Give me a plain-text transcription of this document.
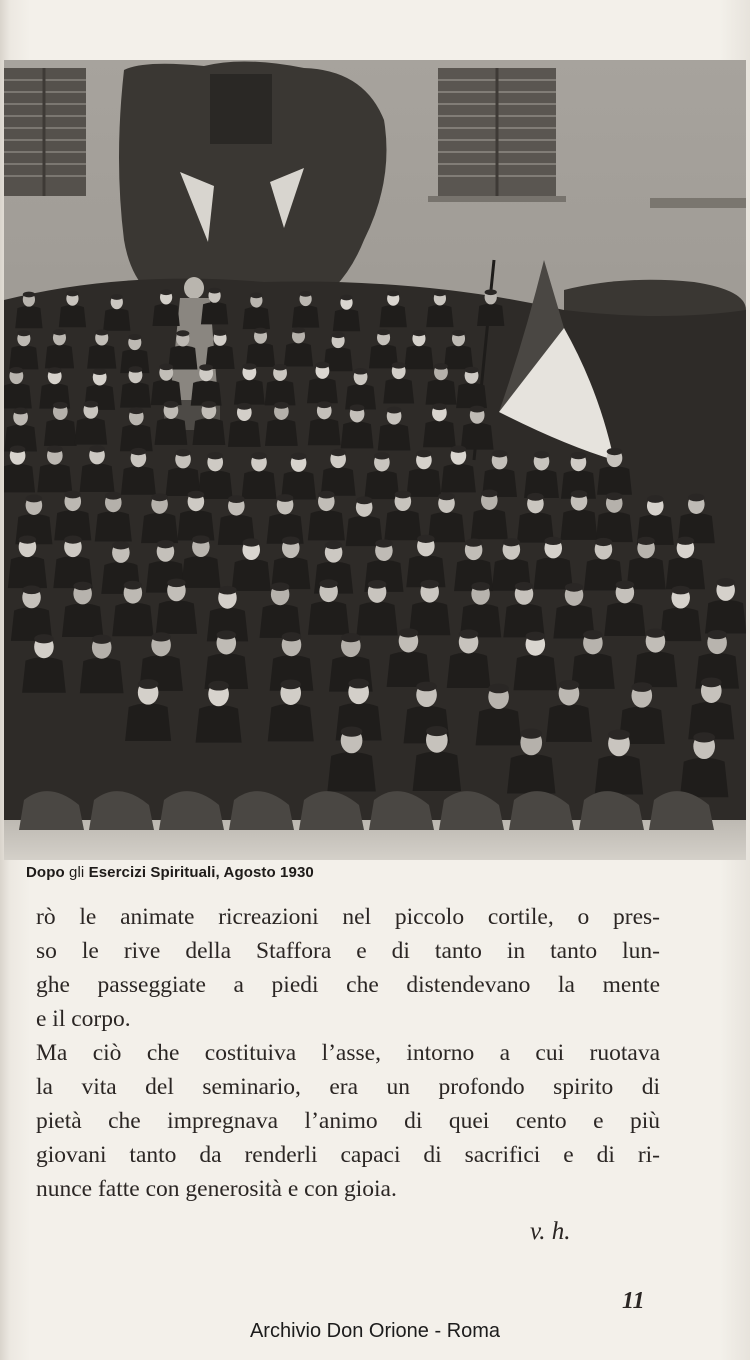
Dopo gli Esercizi Spirituali, Agosto 1930
rò le animate ricreazioni nel piccolo cortile, o pres-
so le rive della Staffora e di tanto in tanto lun-
ghe passeggiate a piedi che distendevano la mente
e il corpo.
Ma ciò che costituiva l’asse, intorno a cui ruotava
la vita del seminario, era un profondo spirito di
pietà che impregnava l’animo di quei cento e più
giovani tanto da renderli capaci di sacrifici e di ri-
nunce fatte con generosità e con gioia.
v. h.
11
Archivio Don Orione - Roma
